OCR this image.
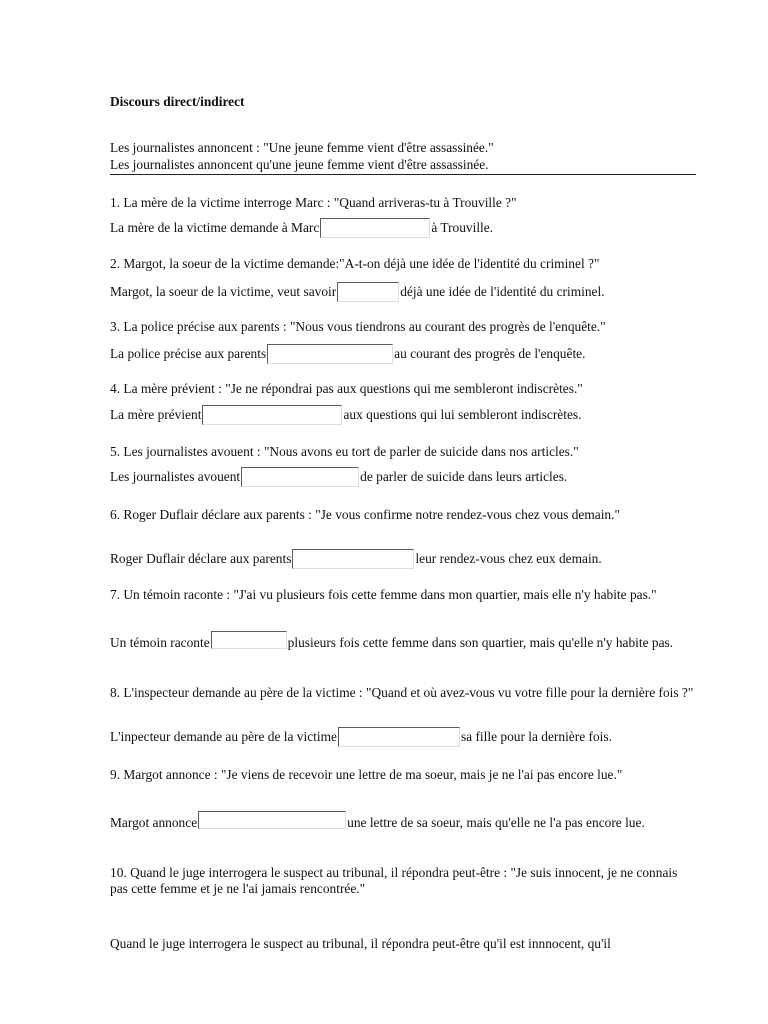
Discours direct/indirect
Les journalistes annoncent : "Une jeune femme vient d'être assassinée."
Les journalistes annoncent qu'une jeune femme vient d'être assassinée.
1. La mère de la victime interroge Marc : "Quand arriveras-tu à Trouville ?"
La mère de la victime demande à Marc	à Trouville.
2. Margot, la soeur de la victime demande:"A-t-on déjà une idée de l'identité du criminel ?"
Margot, la soeur de la victime, veut savoir	déjà une idée de l'identité du criminel.
3. La police précise aux parents : "Nous vous tiendrons au courant des progrès de l'enquête."
La police précise aux parents	au courant des progrès de l'enquête.
4. La mère prévient : "Je ne répondrai pas aux questions qui me sembleront indiscrètes."
La mère prévient	aux questions qui lui sembleront indiscrètes.
5. Les journalistes avouent : "Nous avons eu tort de parler de suicide dans nos articles."
Les journalistes avouent	de parler de suicide dans leurs articles.
6. Roger Duflair déclare aux parents : "Je vous confirme notre rendez-vous chez vous demain."
Roger Duflair déclare aux parents	leur rendez-vous chez eux demain.
7. Un témoin raconte : "J'ai vu plusieurs fois cette femme dans mon quartier, mais elle n'y habite pas."
Un témoin raconte	plusieurs fois cette femme dans son quartier, mais qu'elle n'y habite pas.
8. L'inspecteur demande au père de la victime : "Quand et où avez-vous vu votre fille pour la dernière fois ?"
L'inpecteur demande au père de la victime	sa fille pour la dernière fois.
9. Margot annonce : "Je viens de recevoir une lettre de ma soeur, mais je ne l'ai pas encore lue."
Margot annonce	une lettre de sa soeur, mais qu'elle ne l'a pas encore lue.
10. Quand le juge interrogera le suspect au tribunal, il répondra peut-être : "Je suis innocent, je ne connais pas cette femme et je ne l'ai jamais rencontrée."
Quand le juge interrogera le suspect au tribunal, il répondra peut-être qu'il est innnocent, qu'il
